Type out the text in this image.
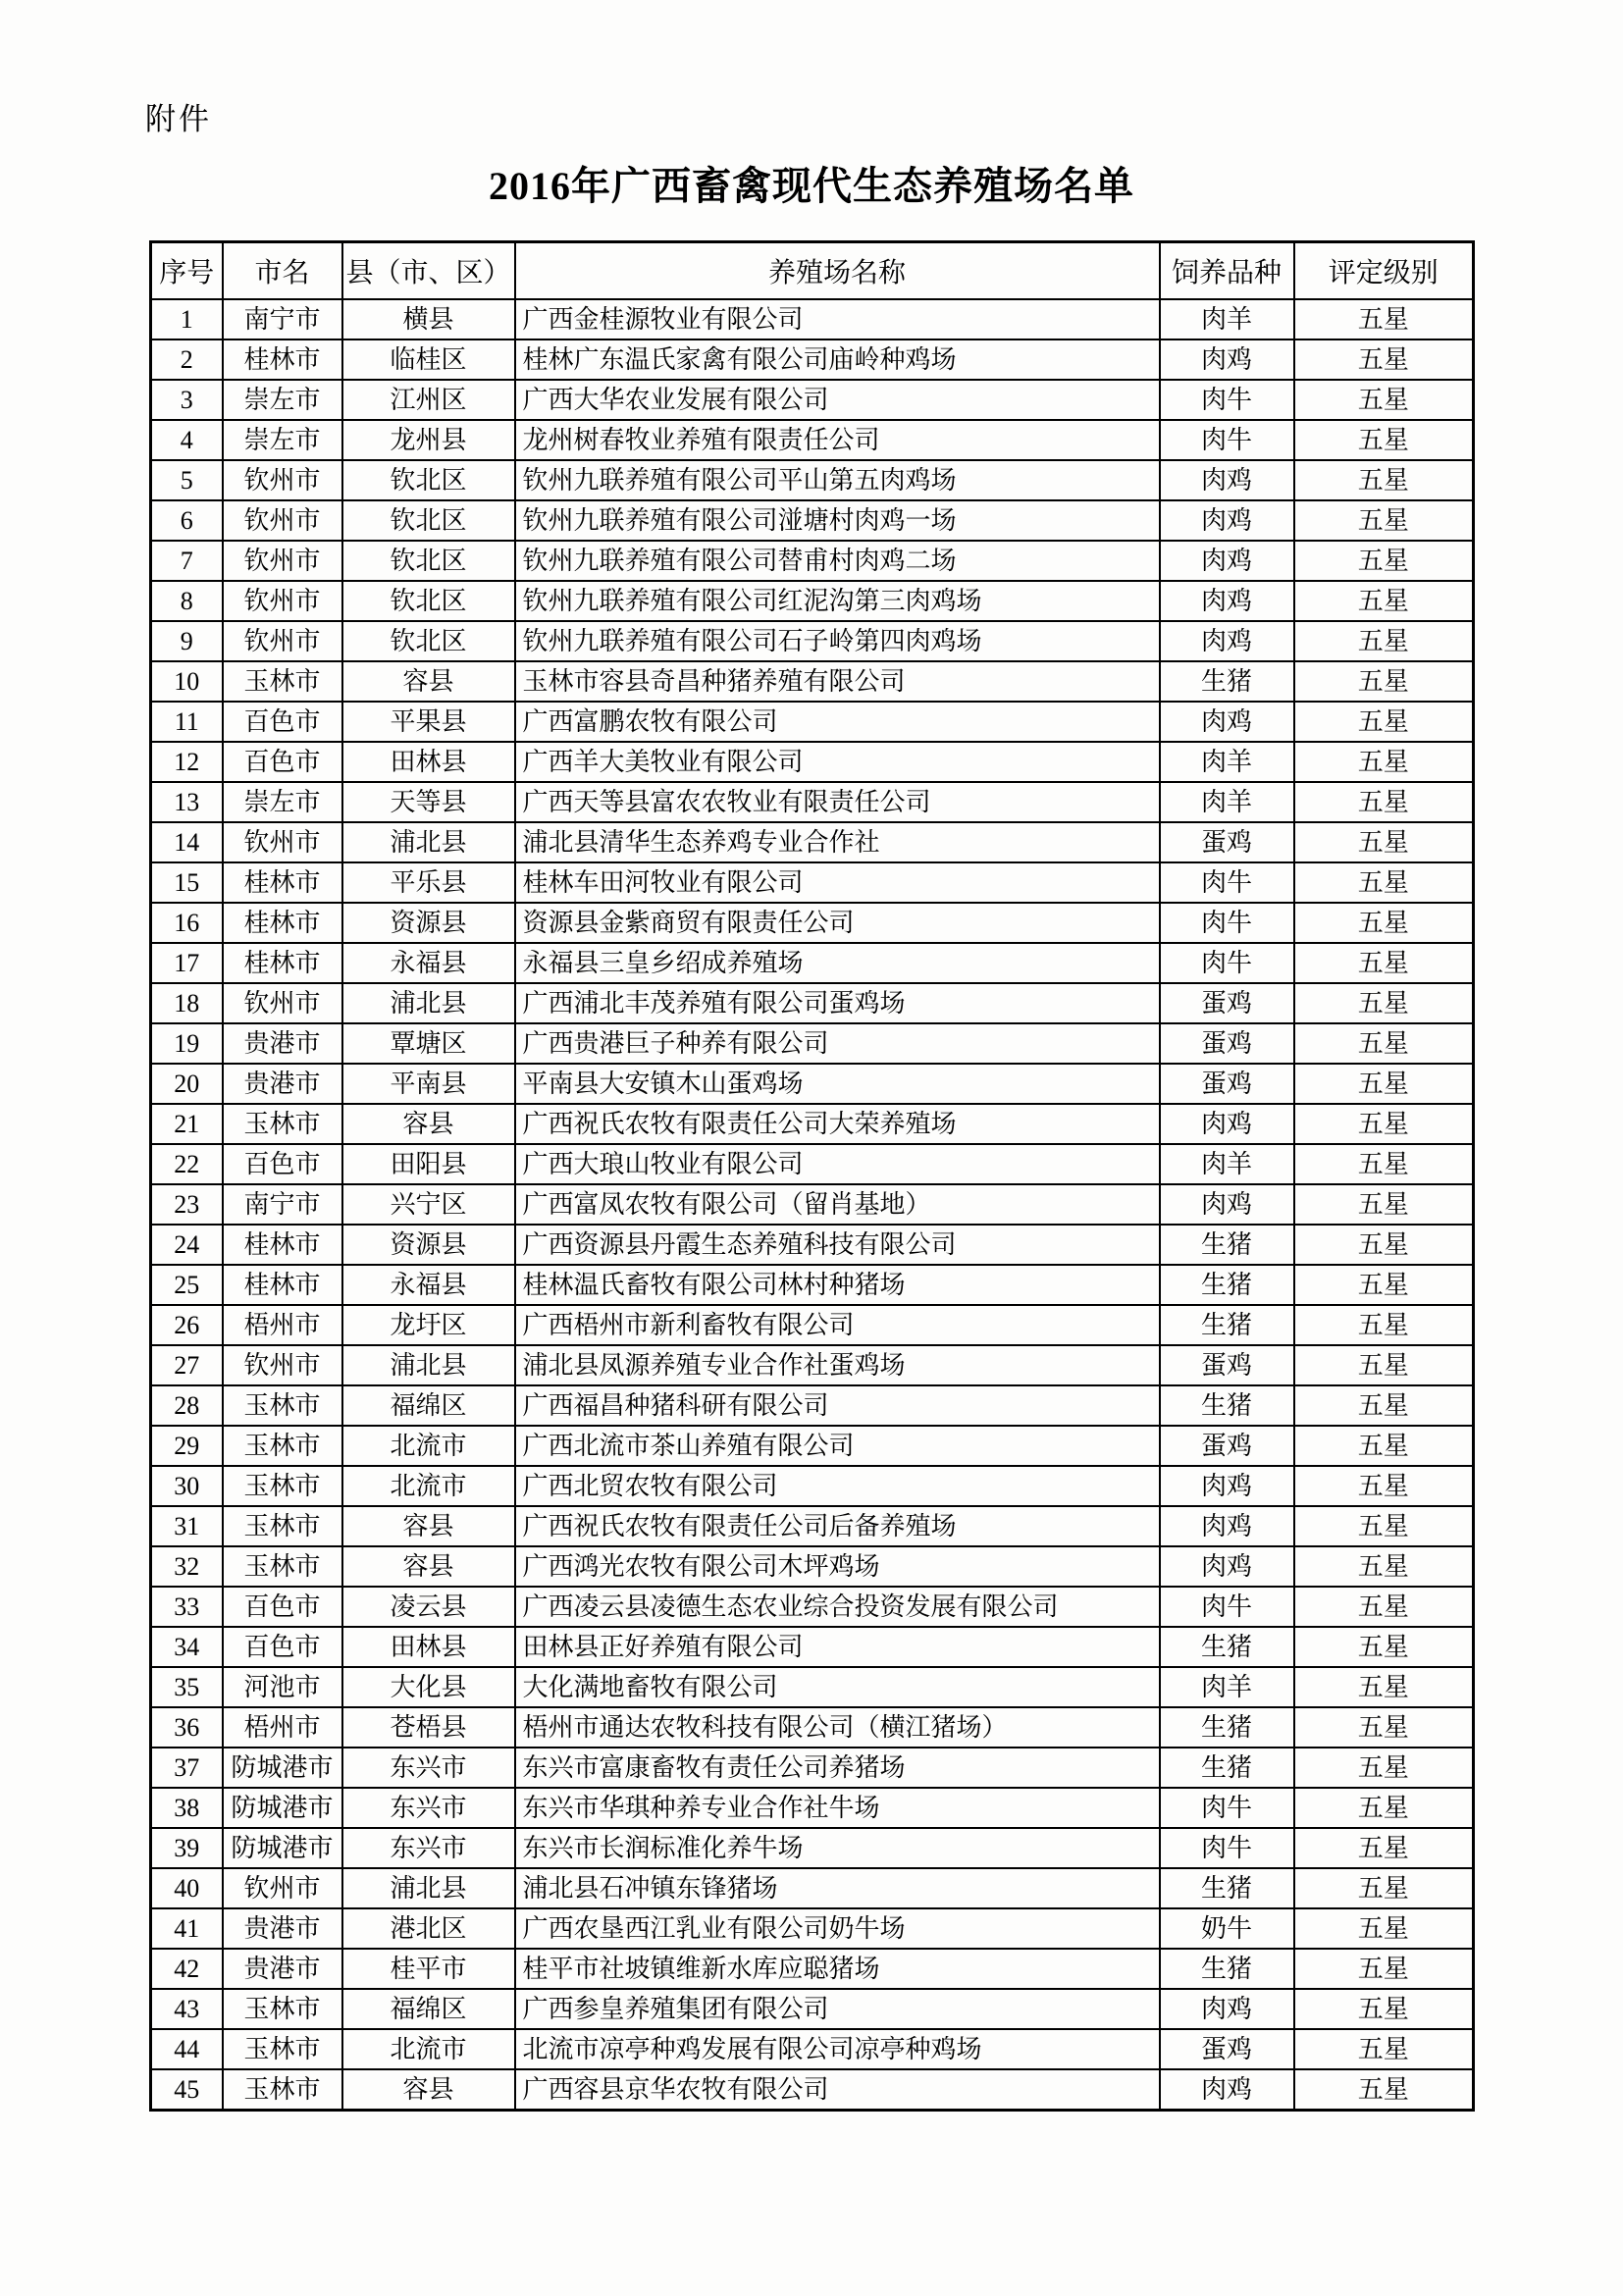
附件
2016年广西畜禽现代生态养殖场名单
序号	市名	县（市、区）	养殖场名称	饲养品种	评定级别
1	南宁市	横县	广西金桂源牧业有限公司	肉羊	五星
2	桂林市	临桂区	桂林广东温氏家禽有限公司庙岭种鸡场	肉鸡	五星
3	崇左市	江州区	广西大华农业发展有限公司	肉牛	五星
4	崇左市	龙州县	龙州树春牧业养殖有限责任公司	肉牛	五星
5	钦州市	钦北区	钦州九联养殖有限公司平山第五肉鸡场	肉鸡	五星
6	钦州市	钦北区	钦州九联养殖有限公司湴塘村肉鸡一场	肉鸡	五星
7	钦州市	钦北区	钦州九联养殖有限公司替甫村肉鸡二场	肉鸡	五星
8	钦州市	钦北区	钦州九联养殖有限公司红泥沟第三肉鸡场	肉鸡	五星
9	钦州市	钦北区	钦州九联养殖有限公司石子岭第四肉鸡场	肉鸡	五星
10	玉林市	容县	玉林市容县奇昌种猪养殖有限公司	生猪	五星
11	百色市	平果县	广西富鹏农牧有限公司	肉鸡	五星
12	百色市	田林县	广西羊大美牧业有限公司	肉羊	五星
13	崇左市	天等县	广西天等县富农农牧业有限责任公司	肉羊	五星
14	钦州市	浦北县	浦北县清华生态养鸡专业合作社	蛋鸡	五星
15	桂林市	平乐县	桂林车田河牧业有限公司	肉牛	五星
16	桂林市	资源县	资源县金紫商贸有限责任公司	肉牛	五星
17	桂林市	永福县	永福县三皇乡绍成养殖场	肉牛	五星
18	钦州市	浦北县	广西浦北丰茂养殖有限公司蛋鸡场	蛋鸡	五星
19	贵港市	覃塘区	广西贵港巨子种养有限公司	蛋鸡	五星
20	贵港市	平南县	平南县大安镇木山蛋鸡场	蛋鸡	五星
21	玉林市	容县	广西祝氏农牧有限责任公司大荣养殖场	肉鸡	五星
22	百色市	田阳县	广西大琅山牧业有限公司	肉羊	五星
23	南宁市	兴宁区	广西富凤农牧有限公司（留肖基地）	肉鸡	五星
24	桂林市	资源县	广西资源县丹霞生态养殖科技有限公司	生猪	五星
25	桂林市	永福县	桂林温氏畜牧有限公司林村种猪场	生猪	五星
26	梧州市	龙圩区	广西梧州市新利畜牧有限公司	生猪	五星
27	钦州市	浦北县	浦北县凤源养殖专业合作社蛋鸡场	蛋鸡	五星
28	玉林市	福绵区	广西福昌种猪科研有限公司	生猪	五星
29	玉林市	北流市	广西北流市茶山养殖有限公司	蛋鸡	五星
30	玉林市	北流市	广西北贸农牧有限公司	肉鸡	五星
31	玉林市	容县	广西祝氏农牧有限责任公司后备养殖场	肉鸡	五星
32	玉林市	容县	广西鸿光农牧有限公司木坪鸡场	肉鸡	五星
33	百色市	凌云县	广西凌云县凌德生态农业综合投资发展有限公司	肉牛	五星
34	百色市	田林县	田林县正好养殖有限公司	生猪	五星
35	河池市	大化县	大化满地畜牧有限公司	肉羊	五星
36	梧州市	苍梧县	梧州市通达农牧科技有限公司（横江猪场）	生猪	五星
37	防城港市	东兴市	东兴市富康畜牧有责任公司养猪场	生猪	五星
38	防城港市	东兴市	东兴市华琪种养专业合作社牛场	肉牛	五星
39	防城港市	东兴市	东兴市长润标准化养牛场	肉牛	五星
40	钦州市	浦北县	浦北县石冲镇东锋猪场	生猪	五星
41	贵港市	港北区	广西农垦西江乳业有限公司奶牛场	奶牛	五星
42	贵港市	桂平市	桂平市社坡镇维新水库应聪猪场	生猪	五星
43	玉林市	福绵区	广西参皇养殖集团有限公司	肉鸡	五星
44	玉林市	北流市	北流市凉亭种鸡发展有限公司凉亭种鸡场	蛋鸡	五星
45	玉林市	容县	广西容县京华农牧有限公司	肉鸡	五星
